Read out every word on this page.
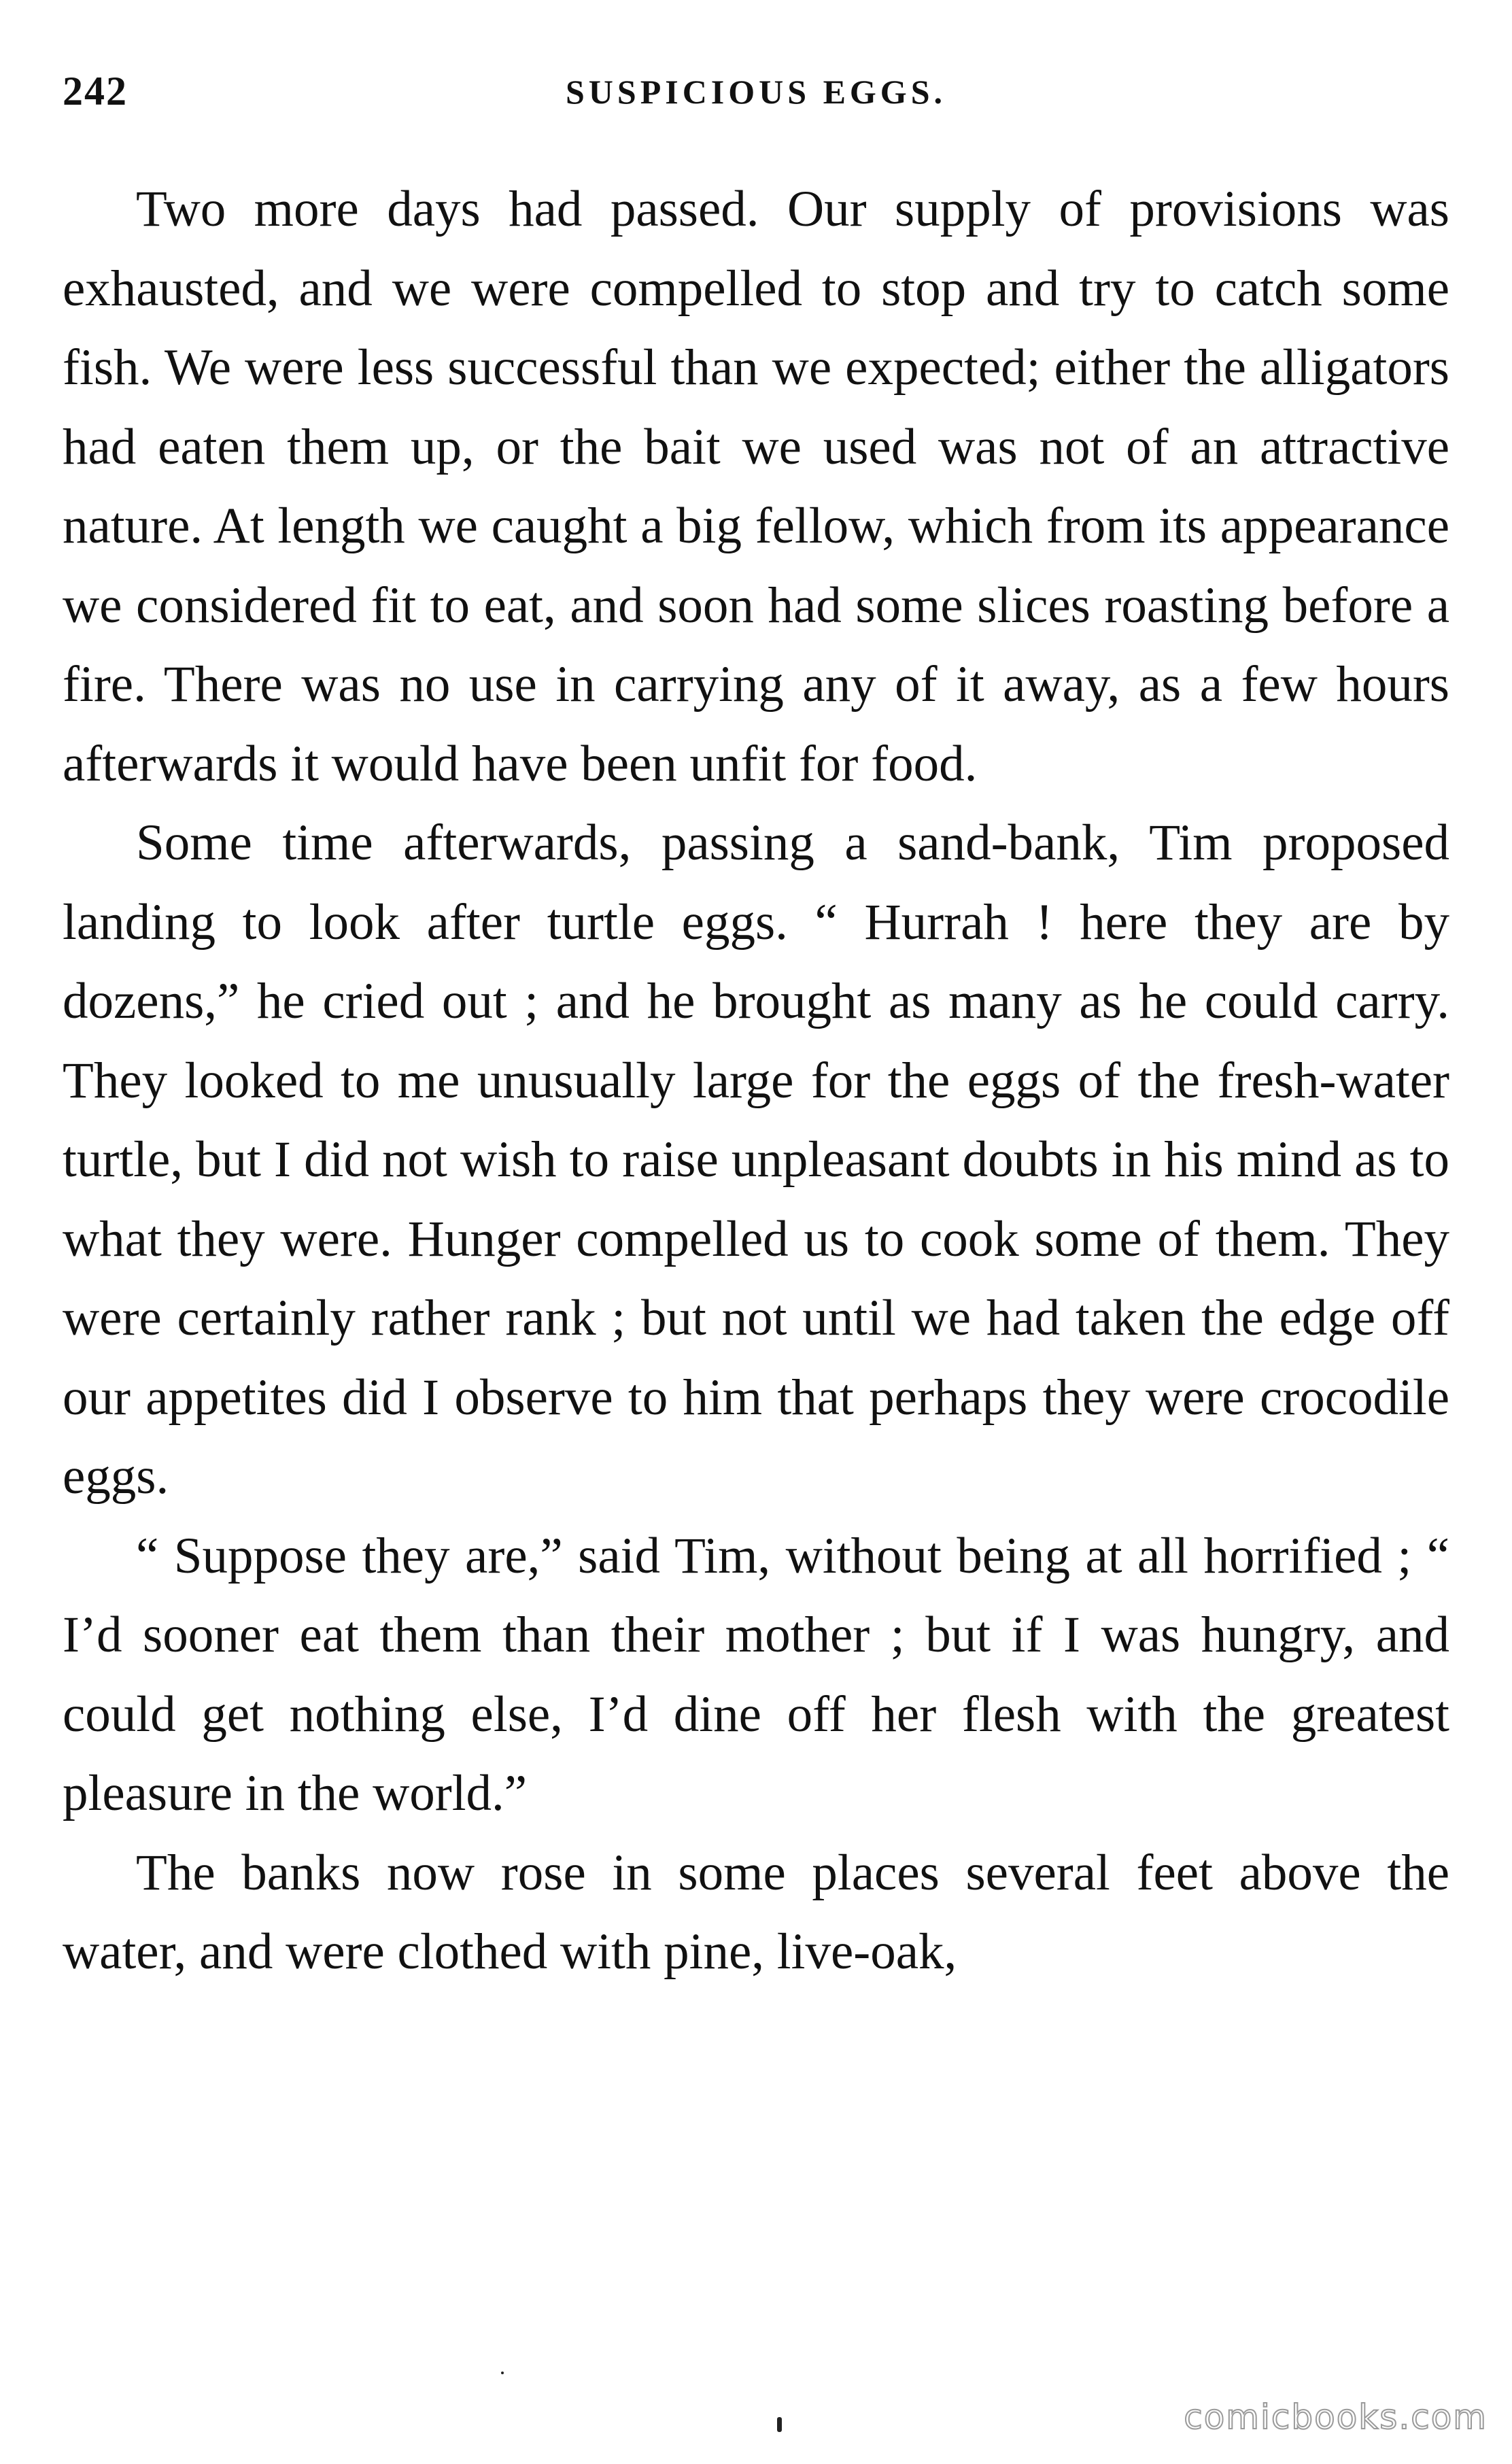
242	SUSPICIOUS EGGS.

Two more days had passed. Our supply of provisions was exhausted, and we were compelled to stop and try to catch some fish. We were less successful than we expected; either the alligators had eaten them up, or the bait we used was not of an attractive nature. At length we caught a big fellow, which from its appearance we considered fit to eat, and soon had some slices roasting before a fire. There was no use in carrying any of it away, as a few hours afterwards it would have been unfit for food.

Some time afterwards, passing a sand-bank, Tim proposed landing to look after turtle eggs. “ Hurrah ! here they are by dozens,” he cried out ; and he brought as many as he could carry. They looked to me unusually large for the eggs of the fresh-water turtle, but I did not wish to raise unpleasant doubts in his mind as to what they were. Hunger compelled us to cook some of them. They were certainly rather rank ; but not until we had taken the edge off our appetites did I observe to him that perhaps they were crocodile eggs.

“ Suppose they are,” said Tim, without being at all horrified ; “ I’d sooner eat them than their mother ; but if I was hungry, and could get nothing else, I’d dine off her flesh with the greatest pleasure in the world.”

The banks now rose in some places several feet above the water, and were clothed with pine, live-oak,

comicbooks.com
